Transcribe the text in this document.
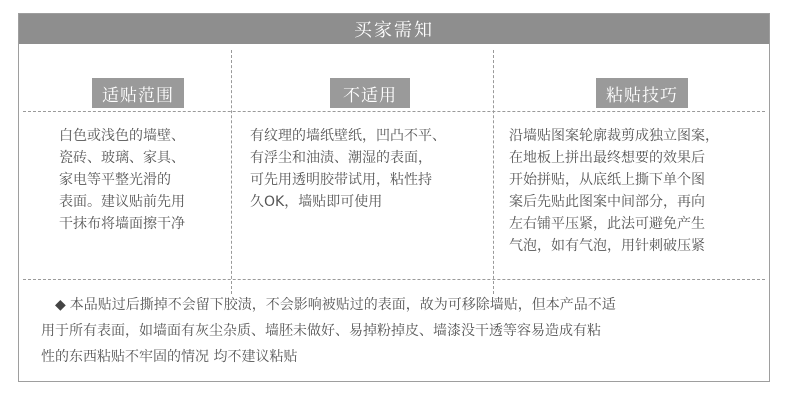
买家需知
适贴范围	不适用	粘贴技巧
白色或浅色的墙壁、
瓷砖、玻璃、家具、
家电等平整光滑的
表面。建议贴前先用
干抹布将墙面擦干净
有纹理的墙纸壁纸，凹凸不平、
有浮尘和油渍、潮湿的表面，
可先用透明胶带试用，粘性持
久OK，墙贴即可使用
沿墙贴图案轮廓裁剪成独立图案，
在地板上拼出最终想要的效果后
开始拼贴，从底纸上撕下单个图
案后先贴此图案中间部分，再向
左右铺平压紧，此法可避免产生
气泡，如有气泡，用针刺破压紧
◆ 本品贴过后撕掉不会留下胶渍，不会影响被贴过的表面，故为可移除墙贴，但本产品不适
用于所有表面，如墙面有灰尘杂质、墙胚未做好、易掉粉掉皮、墙漆没干透等容易造成有粘
性的东西粘贴不牢固的情况 均不建议粘贴
